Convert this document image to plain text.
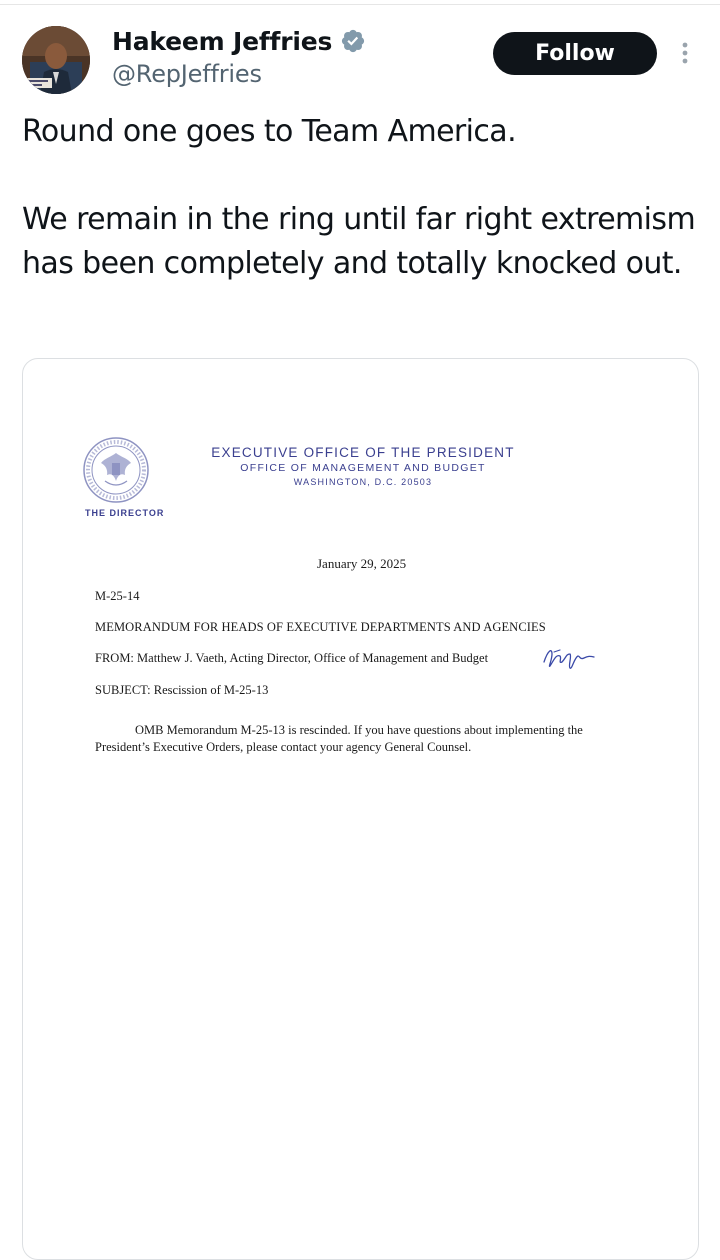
Hakeem Jeffries
@RepJeffries
Follow

Round one goes to Team America.

We remain in the ring until far right extremism has been completely and totally knocked out.

THE DIRECTOR
EXECUTIVE OFFICE OF THE PRESIDENT
OFFICE OF MANAGEMENT AND BUDGET
WASHINGTON, D.C. 20503
January 29, 2025
M-25-14
MEMORANDUM FOR HEADS OF EXECUTIVE DEPARTMENTS AND AGENCIES
FROM: Matthew J. Vaeth, Acting Director, Office of Management and Budget
SUBJECT: Rescission of M-25-13
OMB Memorandum M-25-13 is rescinded. If you have questions about implementing the
President’s Executive Orders, please contact your agency General Counsel.
